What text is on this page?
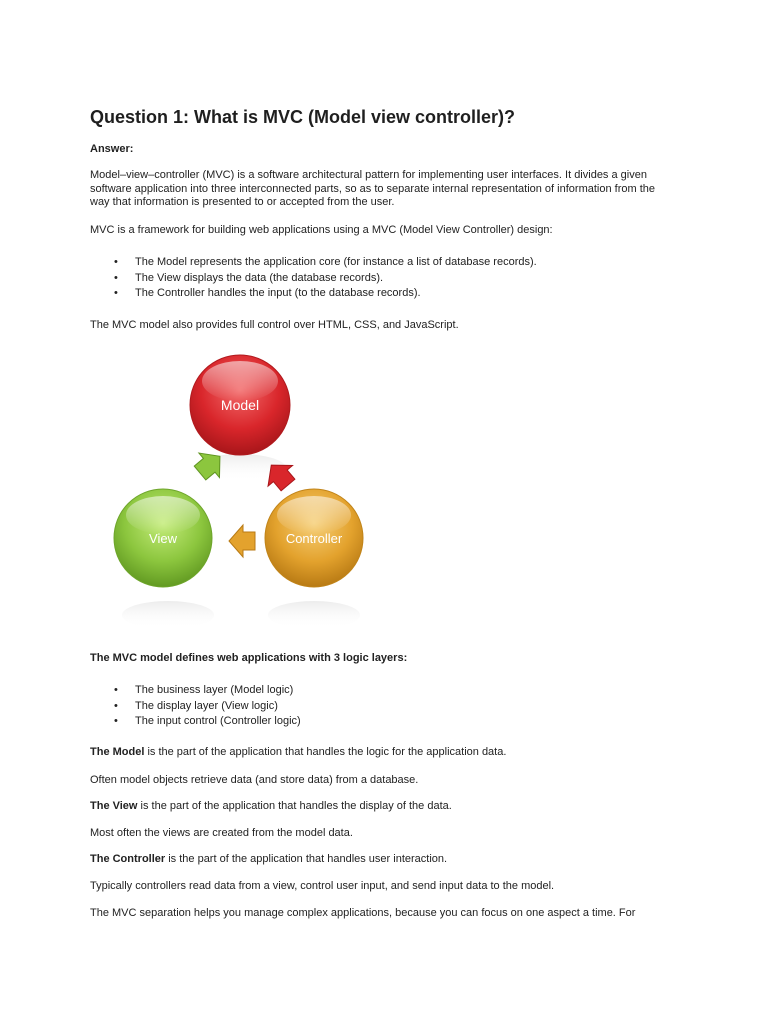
Question 1: What is MVC (Model view controller)?

Answer:

Model–view–controller (MVC) is a software architectural pattern for implementing user interfaces. It divides a given software application into three interconnected parts, so as to separate internal representation of information from the way that information is presented to or accepted from the user.

MVC is a framework for building web applications using a MVC (Model View Controller) design:

• The Model represents the application core (for instance a list of database records).
• The View displays the data (the database records).
• The Controller handles the input (to the database records).

The MVC model also provides full control over HTML, CSS, and JavaScript.

The MVC model defines web applications with 3 logic layers:

• The business layer (Model logic)
• The display layer (View logic)
• The input control (Controller logic)

The Model is the part of the application that handles the logic for the application data.

Often model objects retrieve data (and store data) from a database.

The View is the part of the application that handles the display of the data.

Most often the views are created from the model data.

The Controller is the part of the application that handles user interaction.

Typically controllers read data from a view, control user input, and send input data to the model.

The MVC separation helps you manage complex applications, because you can focus on one aspect a time. For

Model
View	Controller
